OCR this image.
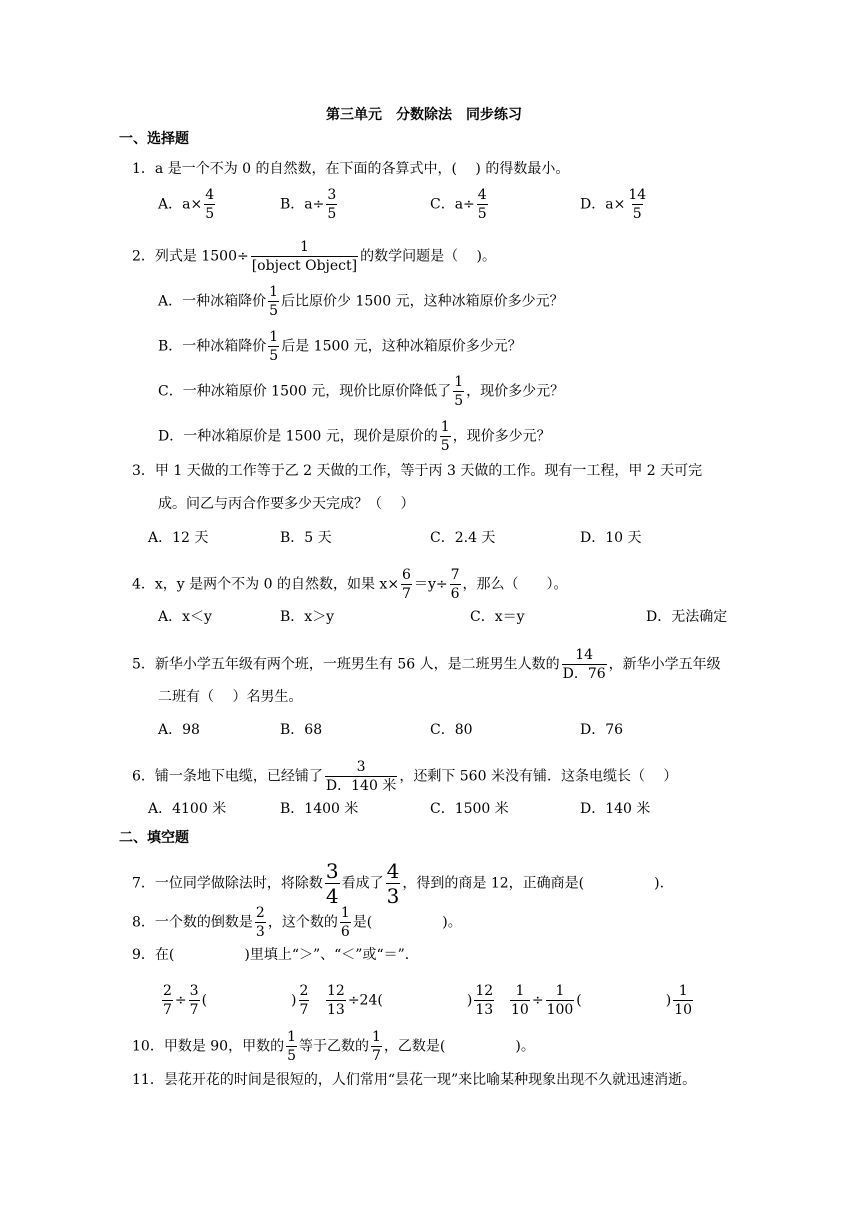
第三单元　分数除法　同步练习
一、选择题
1．a 是一个不为 0 的自然数，在下面的各算式中，(　 ) 的得数最小。
A．$a\times \frac{4}{5}$	B．$a\div \frac{3}{5}$	C．$a\div \frac{4}{5}$	D．$a\times \frac{14}{5}$
2．列式是 1500÷
1
[object Object]
的数学问题是（　 )。
A．一种冰箱降价 $\frac{1}{5}$ 后比原价少 1500 元，这种冰箱原价多少元？
B．一种冰箱降价 $\frac{1}{5}$ 后是 1500 元，这种冰箱原价多少元？
C．一种冰箱原价 1500 元，现价比原价降低了 $\frac{1}{5}$ ，现价多少元？
D．一种冰箱原价是 1500 元，现价是原价的 $\frac{1}{5}$ ，现价多少元？
3．甲 1 天做的工作等于乙 2 天做的工作，等于丙 3 天做的工作。现有一工程，甲 2 天可完
成。问乙与丙合作要多少天完成？（　 ）
A．12 天	B．5 天	C．2.4 天	D．10 天
4．x，y 是两个不为 0 的自然数，如果 $x\times \frac{6}{7} =y\div \frac{7}{6}$ ，那么（　　）。
A．x＜y	B．x＞y	C．x＝y	D．无法确定
5．新华小学五年级有两个班，一班男生有 56 人，是二班男生人数的 $\frac{14}{D.76}$ ，新华小学五年级
二班有（　 ）名男生。
A．98	B．68	C．80	D．76
6．铺一条地下电缆，已经铺了
3
D．140 米
，还剩下 560 米没有铺．这条电缆长（　 ）
A．4100 米	B．1400 米	C．1500 米	D．140 米
二、填空题
7．一位同学做除法时，将除数 $\frac{3}{4}$ 看成了 $\frac{4}{3}$ ，得到的商是 12，正确商是(　　　　　).
8．一个数的倒数是 $\frac{2}{3}$ ，这个数的 $\frac{1}{6}$ 是(　　　　　)。
9．在(　　　　　)里填上“＞”、“＜”或“＝”.
$\frac{2}{7} \div \frac{3}{7}$ (　　　　　　) $\frac{2}{7} \frac{12}{13} \div 24$(　　　　　　) $\frac{12}{13} \frac{1}{10} \div \frac{1}{100}$ (　　　　　　) $\frac{1}{10}$
10．甲数是 90，甲数的 $\frac{1}{5}$ 等于乙数的 $\frac{1}{7}$ ，乙数是(　　　　　)。
11．昙花开花的时间是很短的，人们常用“昙花一现”来比喻某种现象出现不久就迅速消逝。
